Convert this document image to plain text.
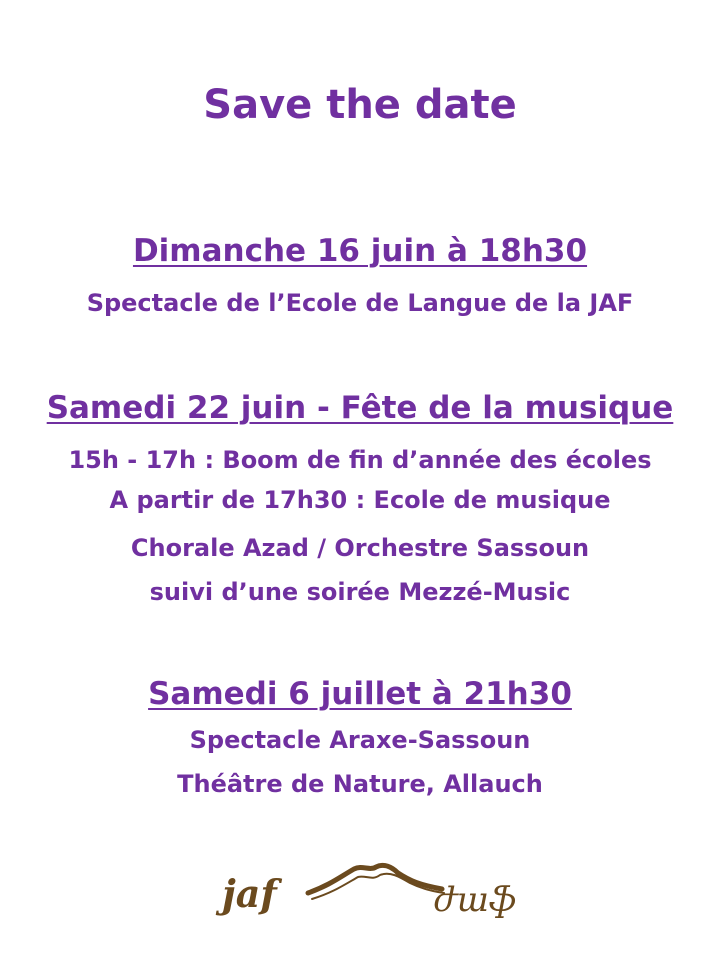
Save the date
Dimanche 16 juin à 18h30
Spectacle de l’Ecole de Langue de la JAF
Samedi 22 juin - Fête de la musique
15h - 17h : Boom de fin d’année des écoles
A partir de 17h30 : Ecole de musique
Chorale Azad / Orchestre Sassoun
suivi d’une soirée Mezzé-Music
Samedi 6 juillet à 21h30
Spectacle Araxe-Sassoun
Théâtre de Nature, Allauch
jaf	ժաֆ
